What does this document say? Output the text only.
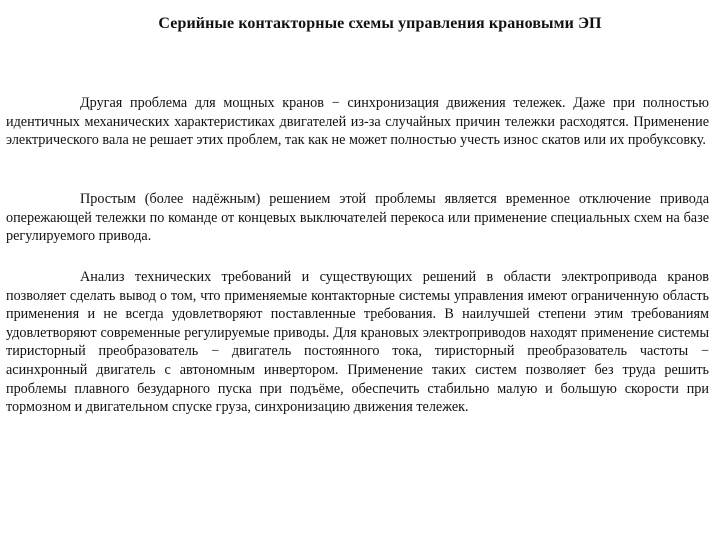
Серийные контакторные схемы управления крановыми ЭП

Другая проблема для мощных кранов − синхронизация движения тележек. Даже при полностью идентичных механических характеристиках двигателей из-за случайных причин тележки расходятся. Применение электрического вала не решает этих проблем, так как не может полностью учесть износ скатов или их пробуксовку.

Простым (более надёжным) решением этой проблемы является временное отключение привода опережающей тележки по команде от концевых выключателей перекоса или применение специальных схем на базе регулируемого привода.

Анализ технических требований и существующих решений в области электропривода кранов позволяет сделать вывод о том, что применяемые контакторные системы управления имеют ограниченную область применения и не всегда удовлетворяют поставленные требования. В наилучшей степени этим требованиям удовлетворяют современные регулируемые приводы. Для крановых электроприводов находят применение системы тиристорный преобразователь − двигатель постоянного тока, тиристорный преобразователь частоты − асинхронный двигатель с автономным инвертором. Применение таких систем позволяет без труда решить проблемы плавного безударного пуска при подъёме, обеспечить стабильно малую и большую скорости при тормозном и двигательном спуске груза, синхронизацию движения тележек.
